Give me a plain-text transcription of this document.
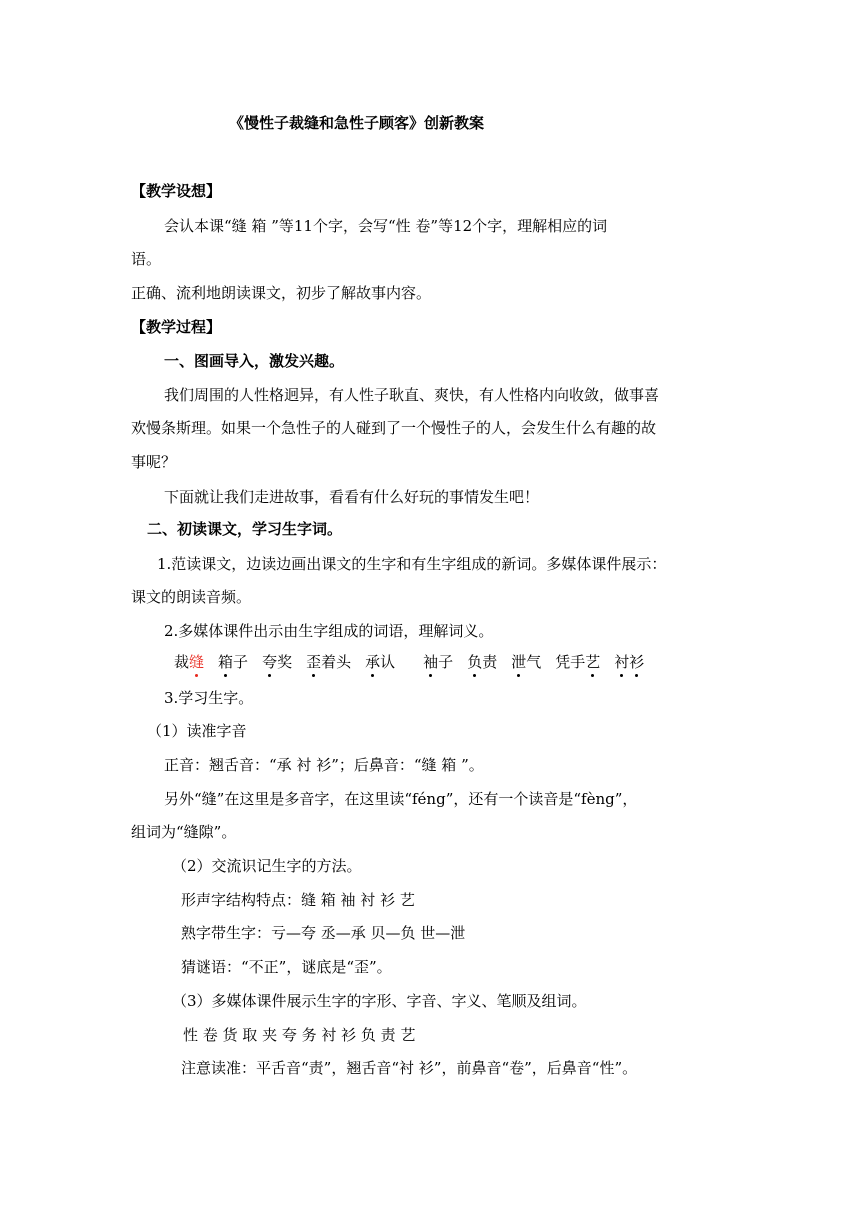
《慢性子裁缝和急性子顾客》创新教案
【教学设想】
会认本课“缝 箱 ”等11个字，会写“性 卷”等12个字，理解相应的词
语。
正确、流利地朗读课文，初步了解故事内容。
【教学过程】
一、图画导入，激发兴趣。
我们周围的人性格迥异，有人性子耿直、爽快，有人性格内向收敛，做事喜
欢慢条斯理。如果一个急性子的人碰到了一个慢性子的人，会发生什么有趣的故
事呢？
下面就让我们走进故事，看看有什么好玩的事情发生吧！
二、初读课文，学习生字词。
1.范读课文，边读边画出课文的生字和有生字组成的新词。多媒体课件展示：
课文的朗读音频。
2.多媒体课件出示由生字组成的词语，理解词义。
裁缝 箱子 夸奖 歪着头 承认 袖子 负责 泄气 凭手艺 衬衫
3.学习生字。
（1）读准字音
正音：翘舌音：“承 衬 衫”；后鼻音：“缝 箱 ”。
另外“缝”在这里是多音字，在这里读“féng”，还有一个读音是“fèng”，
组词为“缝隙”。
（2）交流识记生字的方法。
形声字结构特点：缝 箱 袖 衬 衫 艺
熟字带生字：亏—夸 丞—承 贝—负 世—泄
猜谜语：“不正”，谜底是“歪”。
（3）多媒体课件展示生字的字形、字音、字义、笔顺及组词。
性 卷 货 取 夹 夸 务 衬 衫 负 责 艺
注意读准：平舌音“责”，翘舌音“衬 衫”，前鼻音“卷”，后鼻音“性”。
